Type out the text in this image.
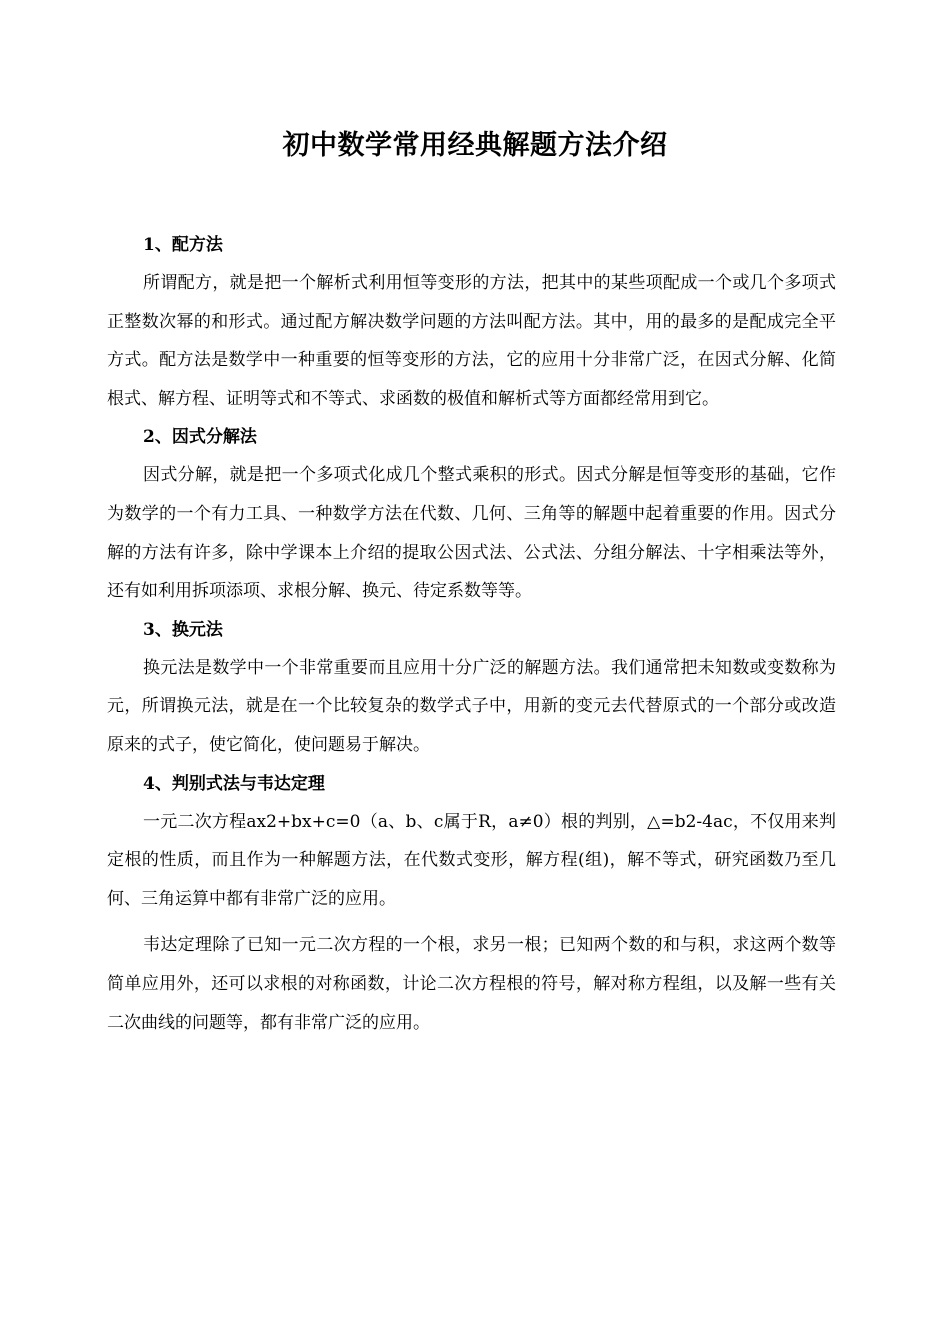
初中数学常用经典解题方法介绍

1、配方法

所谓配方，就是把一个解析式利用恒等变形的方法，把其中的某些项配成一个或几个多项式正整数次幂的和形式。通过配方解决数学问题的方法叫配方法。其中，用的最多的是配成完全平方式。配方法是数学中一种重要的恒等变形的方法，它的应用十分非常广泛，在因式分解、化简根式、解方程、证明等式和不等式、求函数的极值和解析式等方面都经常用到它。

2、因式分解法

因式分解，就是把一个多项式化成几个整式乘积的形式。因式分解是恒等变形的基础，它作为数学的一个有力工具、一种数学方法在代数、几何、三角等的解题中起着重要的作用。因式分解的方法有许多，除中学课本上介绍的提取公因式法、公式法、分组分解法、十字相乘法等外，还有如利用拆项添项、求根分解、换元、待定系数等等。

3、换元法

换元法是数学中一个非常重要而且应用十分广泛的解题方法。我们通常把未知数或变数称为元，所谓换元法，就是在一个比较复杂的数学式子中，用新的变元去代替原式的一个部分或改造原来的式子，使它简化，使问题易于解决。

4、判别式法与韦达定理

一元二次方程ax2+bx+c=0（a、b、c属于R，a≠0）根的判别，△=b2-4ac，不仅用来判定根的性质，而且作为一种解题方法，在代数式变形，解方程(组)，解不等式，研究函数乃至几何、三角运算中都有非常广泛的应用。

韦达定理除了已知一元二次方程的一个根，求另一根；已知两个数的和与积，求这两个数等简单应用外，还可以求根的对称函数，计论二次方程根的符号，解对称方程组，以及解一些有关二次曲线的问题等，都有非常广泛的应用。
